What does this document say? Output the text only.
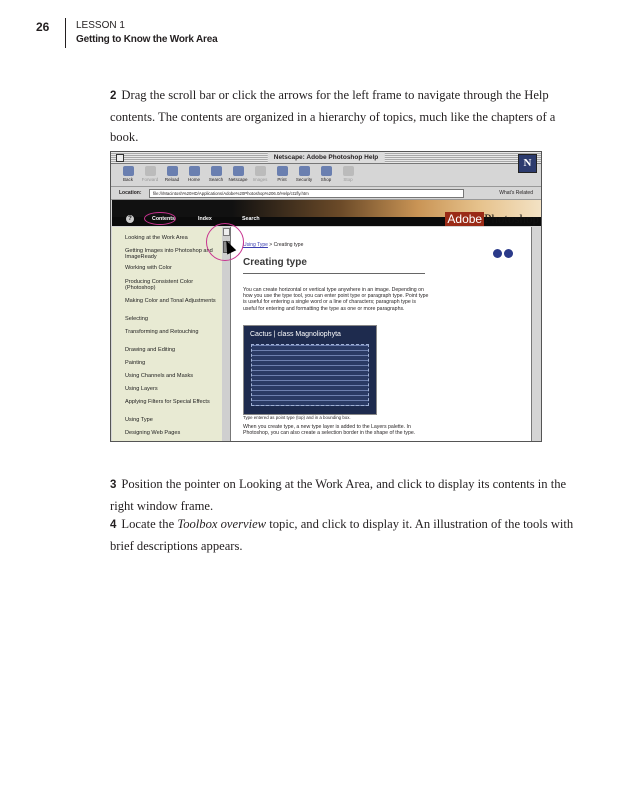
26	LESSON 1
Getting to Know the Work Area

2 Drag the scroll bar or click the arrows for the left frame to navigate through the Help contents. The contents are organized in a hierarchy of topics, much like the chapters of a book.

Netscape: Adobe Photoshop Help
Back	Forward	Reload	Home	Search	Netscape	Images	Print	Security	Shop	Stop
N
Location:	file:///Macintosh%20HD/Applications/Adobe%20Photoshop%206.0/Help/ct1fly.htm	What's Related
?	Contents	Index	Search	Adobe Photoshop
Looking at the Work Area
Getting Images into Photoshop and ImageReady
Working with Color
Producing Consistent Color (Photoshop)
Making Color and Tonal Adjustments
Selecting
Transforming and Retouching
Drawing and Editing
Painting
Using Channels and Masks
Using Layers
Applying Filters for Special Effects
Using Type
Designing Web Pages
Using Type > Creating type
Creating type
You can create horizontal or vertical type anywhere in an image. Depending on how you use the type tool, you can enter point type or paragraph type. Point type is useful for entering a single word or a line of characters; paragraph type is useful for entering and formatting the type as one or more paragraphs.
Cactus | class Magnoliophyta
Type entered as point type (top) and in a bounding box.
When you create type, a new type layer is added to the Layers palette. In Photoshop, you can also create a selection border in the shape of the type.

3 Position the pointer on Looking at the Work Area, and click to display its contents in the right window frame.

4 Locate the Toolbox overview topic, and click to display it. An illustration of the tools with brief descriptions appears.
